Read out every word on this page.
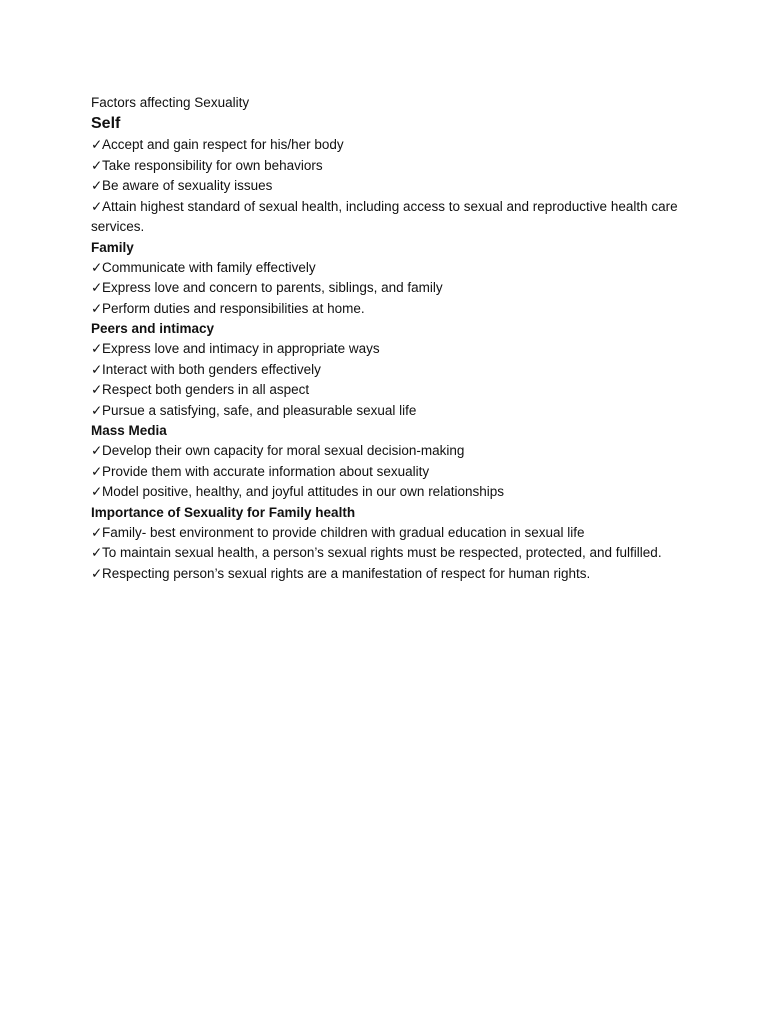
Factors affecting Sexuality

Self

✓Accept and gain respect for his/her body

✓Take responsibility for own behaviors

✓Be aware of sexuality issues

✓Attain highest standard of sexual health, including access to sexual and reproductive health care services.

Family

✓Communicate with family effectively

✓Express love and concern to parents, siblings, and family

✓Perform duties and responsibilities at home.

Peers and intimacy

✓Express love and intimacy in appropriate ways

✓Interact with both genders effectively

✓Respect both genders in all aspect

✓Pursue a satisfying, safe, and pleasurable sexual life

Mass Media

✓Develop their own capacity for moral sexual decision-making

✓Provide them with accurate information about sexuality

✓Model positive, healthy, and joyful attitudes in our own relationships

Importance of Sexuality for Family health

✓Family- best environment to provide children with gradual education in sexual life

✓To maintain sexual health, a person’s sexual rights must be respected, protected, and fulfilled.

✓Respecting person’s sexual rights are a manifestation of respect for human rights.
